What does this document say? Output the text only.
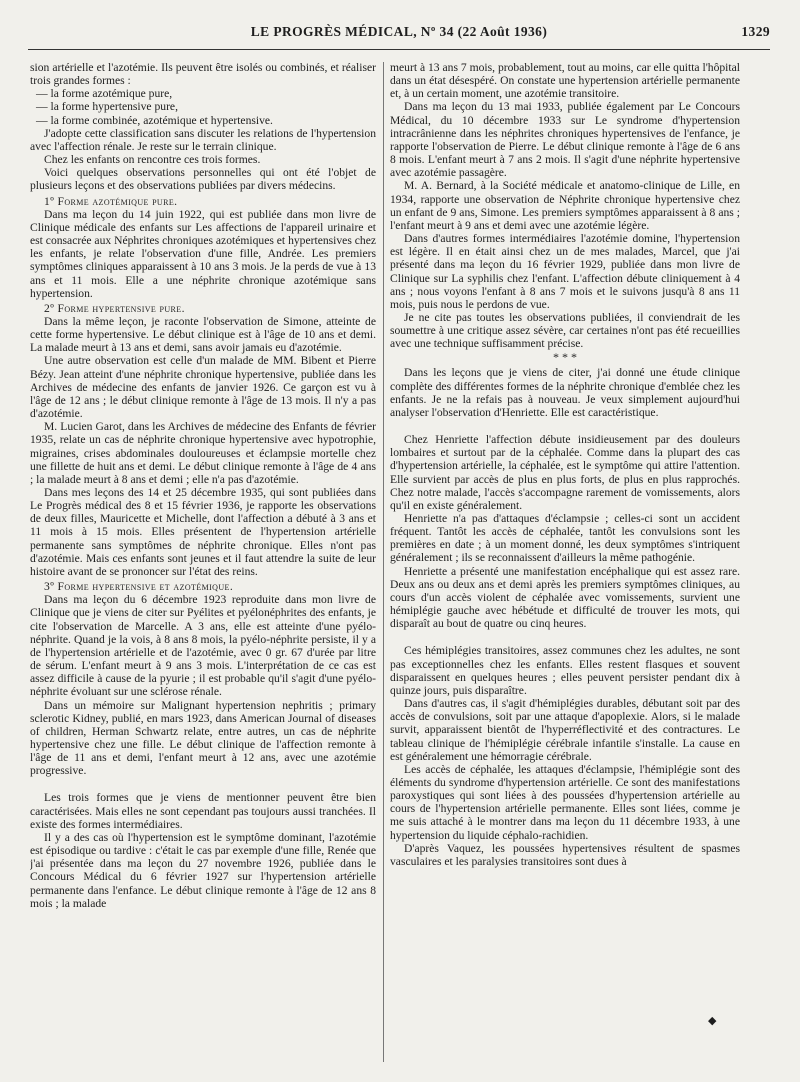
LE PROGRÈS MÉDICAL, Nº 34 (22 Août 1936)	1329

sion artérielle et l'azotémie. Ils peuvent être isolés ou combinés, et réaliser trois grandes formes :

— la forme azotémique pure,

— la forme hypertensive pure,

— la forme combinée, azotémique et hypertensive.

J'adopte cette classification sans discuter les relations de l'hypertension avec l'affection rénale. Je reste sur le terrain clinique.

Chez les enfants on rencontre ces trois formes.

Voici quelques observations personnelles qui ont été l'objet de plusieurs leçons et des observations publiées par divers médecins.

1º Forme azotémique pure.

Dans ma leçon du 14 juin 1922, qui est publiée dans mon livre de Clinique médicale des enfants sur Les affections de l'appareil urinaire et est consacrée aux Néphrites chroniques azotémiques et hypertensives chez les enfants, je relate l'observation d'une fille, Andrée. Les premiers symptômes cliniques apparaissent à 10 ans 3 mois. Je la perds de vue à 13 ans et 11 mois. Elle a une néphrite chronique azotémique sans hypertension.

2º Forme hypertensive pure.

Dans la même leçon, je raconte l'observation de Simone, atteinte de cette forme hypertensive. Le début clinique est à l'âge de 10 ans et demi. La malade meurt à 13 ans et demi, sans avoir jamais eu d'azotémie.

Une autre observation est celle d'un malade de MM. Bibent et Pierre Bézy. Jean atteint d'une néphrite chronique hypertensive, publiée dans les Archives de médecine des enfants de janvier 1926. Ce garçon est vu à l'âge de 12 ans ; le début clinique remonte à l'âge de 13 mois. Il n'y a pas d'azotémie.

M. Lucien Garot, dans les Archives de médecine des Enfants de février 1935, relate un cas de néphrite chronique hypertensive avec hypotrophie, migraines, crises abdominales douloureuses et éclampsie mortelle chez une fillette de huit ans et demi. Le début clinique remonte à l'âge de 4 ans ; la malade meurt à 8 ans et demi ; elle n'a pas d'azotémie.

Dans mes leçons des 14 et 25 décembre 1935, qui sont publiées dans Le Progrès médical des 8 et 15 février 1936, je rapporte les observations de deux filles, Mauricette et Michelle, dont l'affection a débuté à 3 ans et 11 mois à 15 mois. Elles présentent de l'hypertension artérielle permanente sans symptômes de néphrite chronique. Elles n'ont pas d'azotémie. Mais ces enfants sont jeunes et il faut attendre la suite de leur histoire avant de se prononcer sur l'état des reins.

3º Forme hypertensive et azotémique.

Dans ma leçon du 6 décembre 1923 reproduite dans mon livre de Clinique que je viens de citer sur Pyélites et pyélonéphrites des enfants, je cite l'observation de Marcelle. A 3 ans, elle est atteinte d'une pyélo-néphrite. Quand je la vois, à 8 ans 8 mois, la pyélo-néphrite persiste, il y a de l'hypertension artérielle et de l'azotémie, avec 0 gr. 67 d'urée par litre de sérum. L'enfant meurt à 9 ans 3 mois. L'interprétation de ce cas est assez difficile à cause de la pyurie ; il est probable qu'il s'agit d'une pyélo-néphrite évoluant sur une sclérose rénale.

Dans un mémoire sur Malignant hypertension nephritis ; primary sclerotic Kidney, publié, en mars 1923, dans American Journal of diseases of children, Herman Schwartz relate, entre autres, un cas de néphrite hypertensive chez une fille. Le début clinique de l'affection remonte à l'âge de 11 ans et demi, l'enfant meurt à 12 ans, avec une azotémie progressive.

Les trois formes que je viens de mentionner peuvent être bien caractérisées. Mais elles ne sont cependant pas toujours aussi tranchées. Il existe des formes intermédiaires.

Il y a des cas où l'hypertension est le symptôme dominant, l'azotémie est épisodique ou tardive : c'était le cas par exemple d'une fille, Renée que j'ai présentée dans ma leçon du 27 novembre 1926, publiée dans le Concours Médical du 6 février 1927 sur l'hypertension artérielle permanente dans l'enfance. Le début clinique remonte à l'âge de 12 ans 8 mois ; la malade

meurt à 13 ans 7 mois, probablement, tout au moins, car elle quitta l'hôpital dans un état désespéré. On constate une hypertension artérielle permanente et, à un certain moment, une azotémie transitoire.

Dans ma leçon du 13 mai 1933, publiée également par Le Concours Médical, du 10 décembre 1933 sur Le syndrome d'hypertension intracrânienne dans les néphrites chroniques hypertensives de l'enfance, je rapporte l'observation de Pierre. Le début clinique remonte à l'âge de 6 ans 8 mois. L'enfant meurt à 7 ans 2 mois. Il s'agit d'une néphrite hypertensive avec azotémie passagère.

M. A. Bernard, à la Société médicale et anatomo-clinique de Lille, en 1934, rapporte une observation de Néphrite chronique hypertensive chez un enfant de 9 ans, Simone. Les premiers symptômes apparaissent à 8 ans ; l'enfant meurt à 9 ans et demi avec une azotémie légère.

Dans d'autres formes intermédiaires l'azotémie domine, l'hypertension est légère. Il en était ainsi chez un de mes malades, Marcel, que j'ai présenté dans ma leçon du 16 février 1929, publiée dans mon livre de Clinique sur La syphilis chez l'enfant. L'affection débute cliniquement à 4 ans ; nous voyons l'enfant à 8 ans 7 mois et le suivons jusqu'à 8 ans 11 mois, puis nous le perdons de vue.

Je ne cite pas toutes les observations publiées, il conviendrait de les soumettre à une critique assez sévère, car certaines n'ont pas été recueillies avec une technique suffisamment précise.

* * *

Dans les leçons que je viens de citer, j'ai donné une étude clinique complète des différentes formes de la néphrite chronique d'emblée chez les enfants. Je ne la refais pas à nouveau. Je veux simplement aujourd'hui analyser l'observation d'Henriette. Elle est caractéristique.

Chez Henriette l'affection débute insidieusement par des douleurs lombaires et surtout par de la céphalée. Comme dans la plupart des cas d'hypertension artérielle, la céphalée, est le symptôme qui attire l'attention. Elle survient par accès de plus en plus forts, de plus en plus rapprochés. Chez notre malade, l'accès s'accompagne rarement de vomissements, alors qu'il en existe généralement.

Henriette n'a pas d'attaques d'éclampsie ; celles-ci sont un accident fréquent. Tantôt les accès de céphalée, tantôt les convulsions sont les premières en date ; à un moment donné, les deux symptômes s'intriquent généralement ; ils se reconnaissent d'ailleurs la même pathogénie.

Henriette a présenté une manifestation encéphalique qui est assez rare. Deux ans ou deux ans et demi après les premiers symptômes cliniques, au cours d'un accès violent de céphalée avec vomissements, survient une hémiplégie gauche avec hébétude et difficulté de trouver les mots, qui disparaît au bout de quatre ou cinq heures.

Ces hémiplégies transitoires, assez communes chez les adultes, ne sont pas exceptionnelles chez les enfants. Elles restent flasques et souvent disparaissent en quelques heures ; elles peuvent persister pendant dix à quinze jours, puis disparaître.

Dans d'autres cas, il s'agit d'hémiplégies durables, débutant soit par des accès de convulsions, soit par une attaque d'apoplexie. Alors, si le malade survit, apparaissent bientôt de l'hyperréflectivité et des contractures. Le tableau clinique de l'hémiplégie cérébrale infantile s'installe. La cause en est généralement une hémorragie cérébrale.

Les accès de céphalée, les attaques d'éclampsie, l'hémiplégie sont des éléments du syndrome d'hypertension artérielle. Ce sont des manifestations paroxystiques qui sont liées à des poussées d'hypertension artérielle au cours de l'hypertension artérielle permanente. Elles sont liées, comme je me suis attaché à le montrer dans ma leçon du 11 décembre 1933, à une hypertension du liquide céphalo-rachidien.

D'après Vaquez, les poussées hypertensives résultent de spasmes vasculaires et les paralysies transitoires sont dues à

◆
